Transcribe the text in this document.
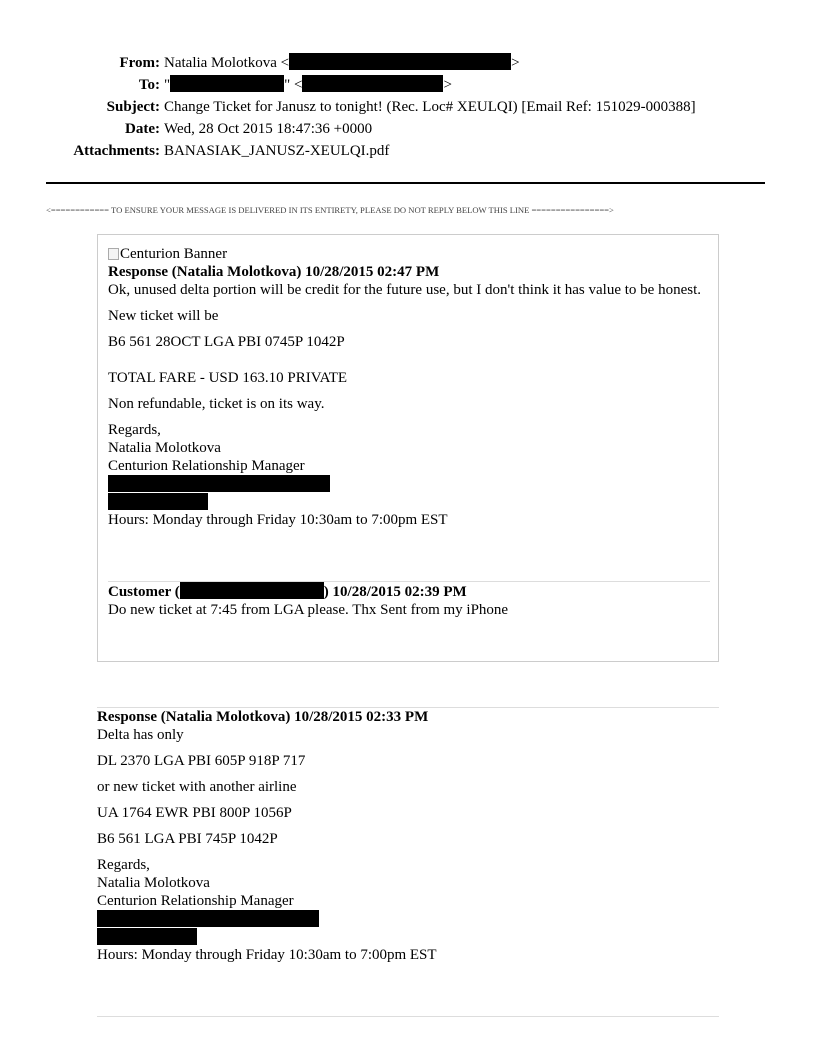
From: Natalia Molotkova <	>
To: "	" <	>
Subject: Change Ticket for Janusz to tonight! (Rec. Loc# XEULQI) [Email Ref: 151029-000388]
Date: Wed, 28 Oct 2015 18:47:36 +0000
Attachments: BANASIAK_JANUSZ-XEULQI.pdf
<============ TO ENSURE YOUR MESSAGE IS DELIVERED IN ITS ENTIRETY, PLEASE DO NOT REPLY BELOW THIS LINE ================>
Centurion Banner
Response (Natalia Molotkova) 10/28/2015 02:47 PM

Ok, unused delta portion will be credit for the future use, but I don't think it has value to be honest.

New ticket will be

B6 561 28OCT LGA PBI 0745P 1042P

TOTAL FARE - USD 163.10 PRIVATE

Non refundable, ticket is on its way.

Regards,
Natalia Molotkova
Centurion Relationship Manager
Hours: Monday through Friday 10:30am to 7:00pm EST
Customer (	) 10/28/2015 02:39 PM
Do new ticket at 7:45 from LGA please. Thx Sent from my iPhone
Response (Natalia Molotkova) 10/28/2015 02:33 PM

Delta has only

DL 2370 LGA PBI 605P 918P 717

or new ticket with another airline

UA 1764 EWR PBI 800P 1056P

B6 561 LGA PBI 745P 1042P

Regards,
Natalia Molotkova
Centurion Relationship Manager
Hours: Monday through Friday 10:30am to 7:00pm EST
